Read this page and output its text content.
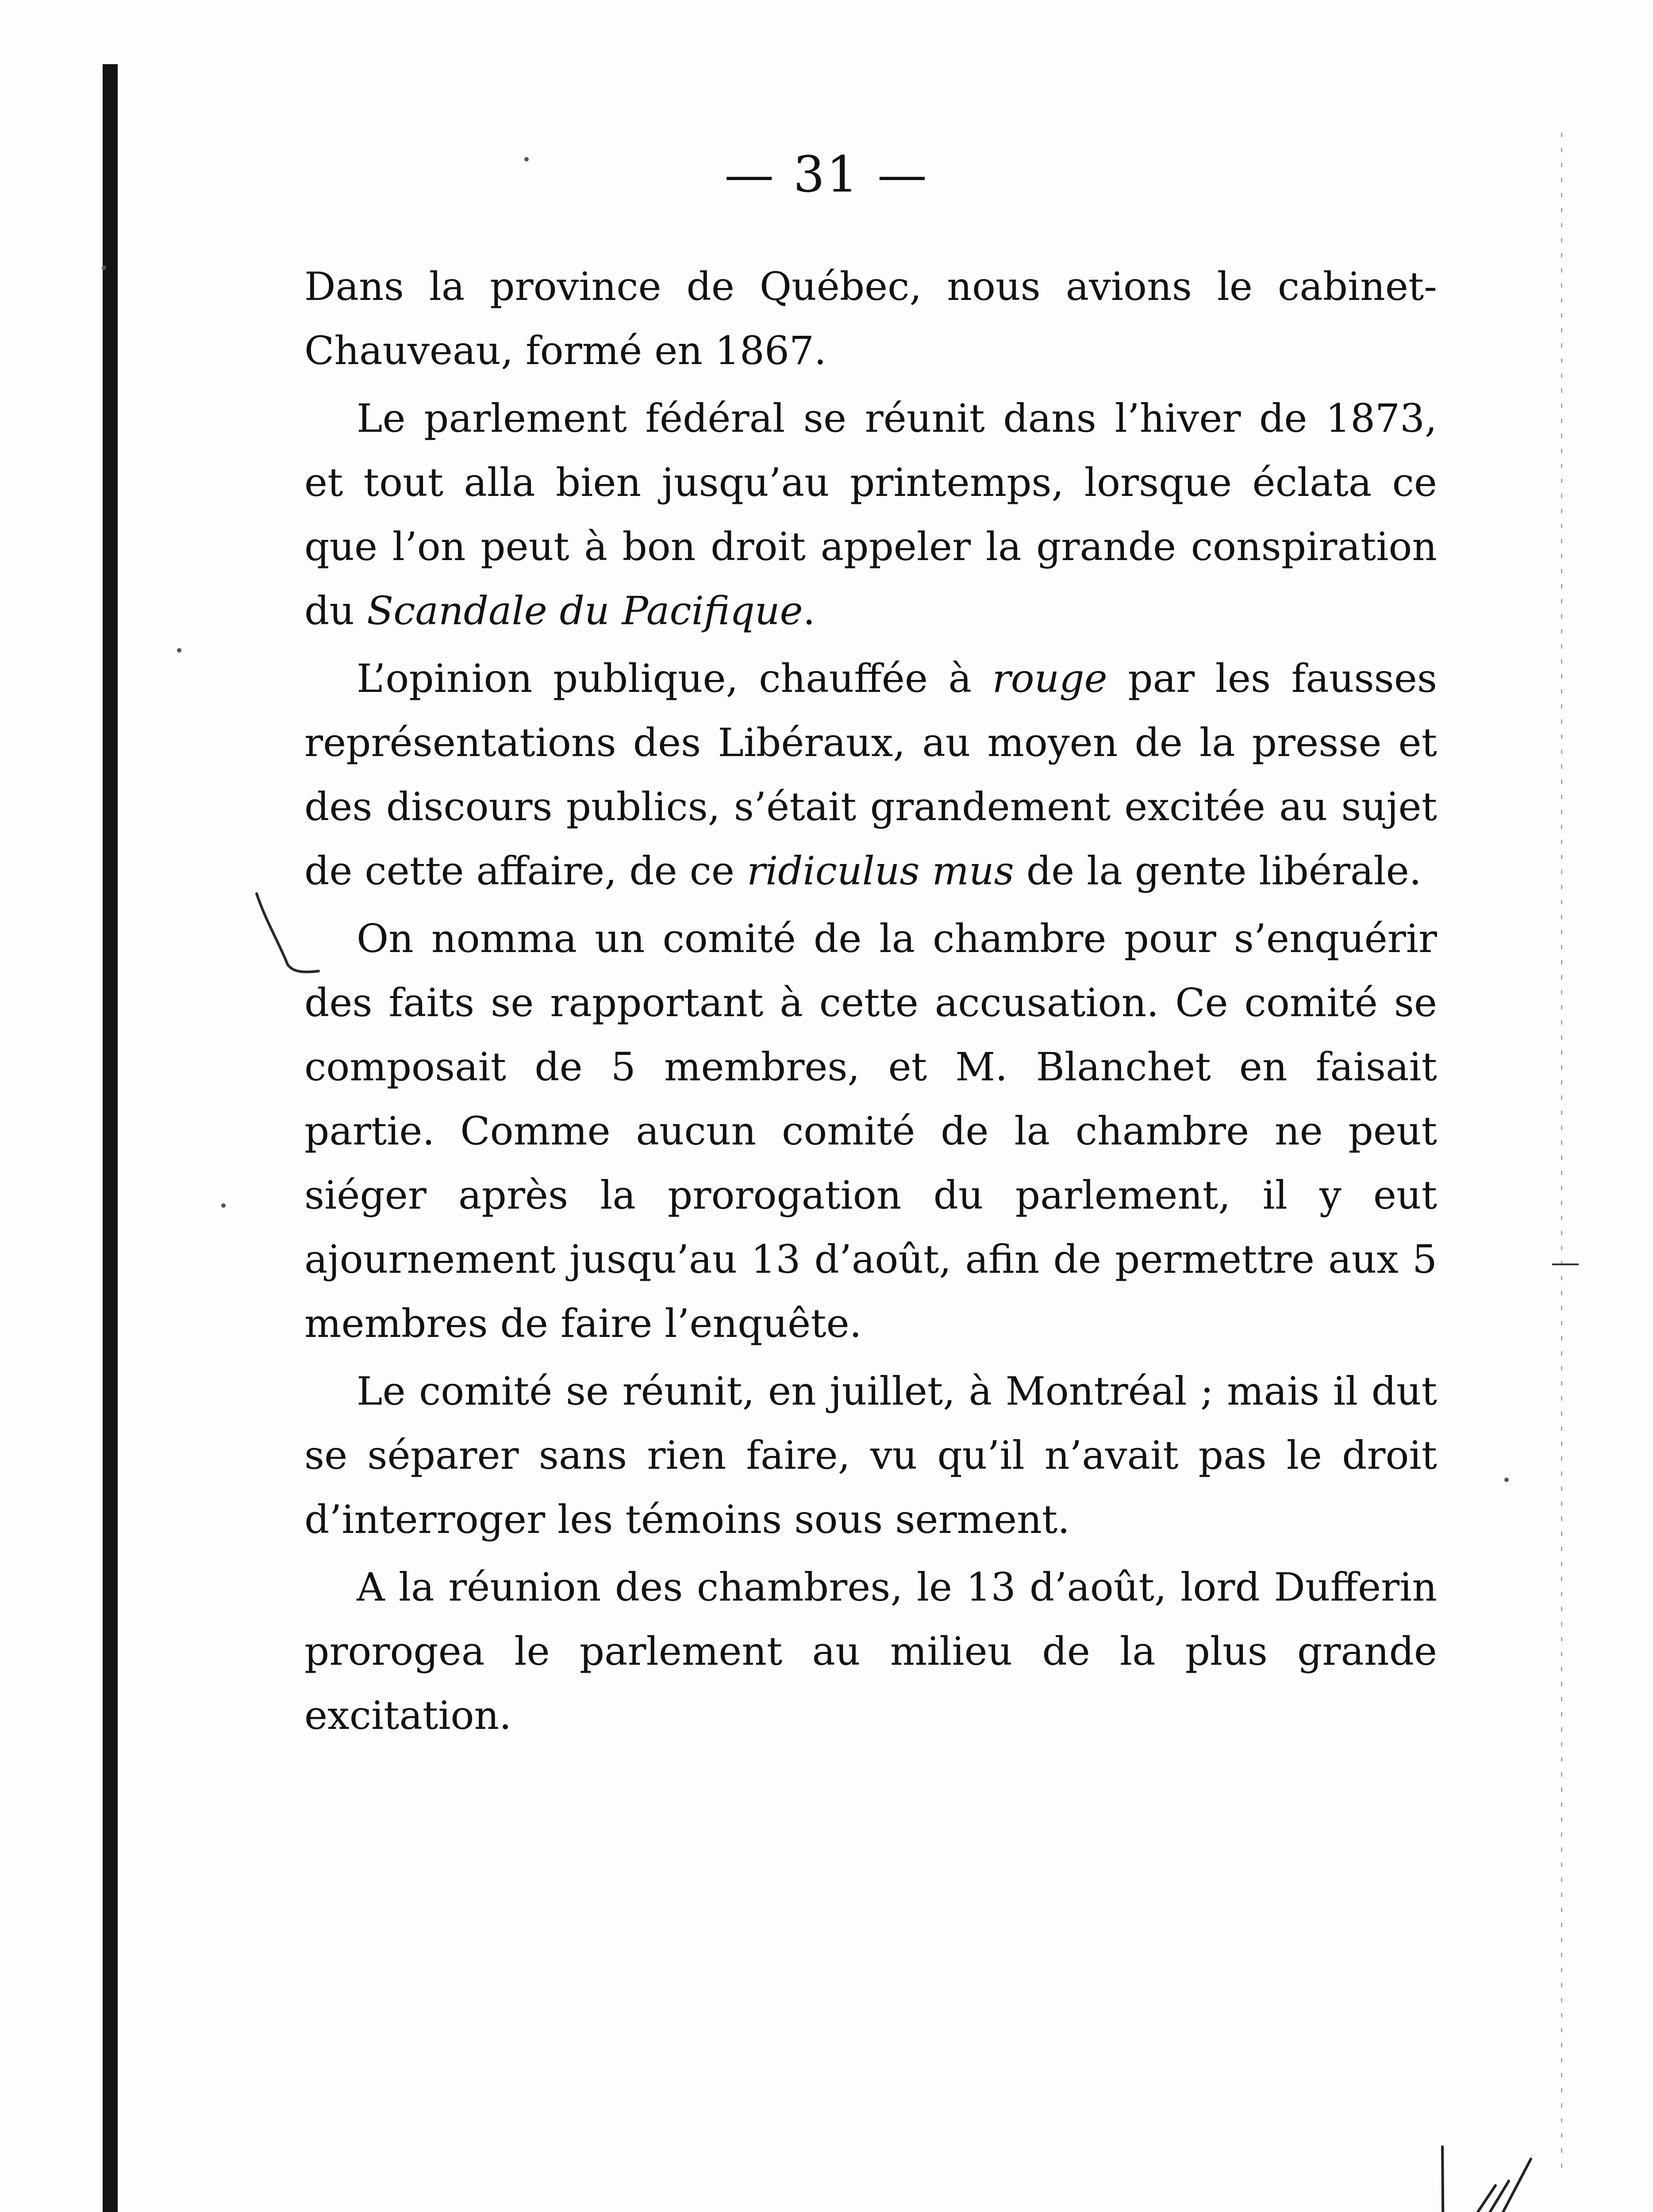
— 31 —

Dans la province de Québec, nous avions le cabinet-Chauveau, formé en 1867.

Le parlement fédéral se réunit dans l’hiver de 1873, et tout alla bien jusqu’au printemps, lorsque éclata ce que l’on peut à bon droit appeler la grande conspiration du Scandale du Pacifique.

L’opinion publique, chauffée à rouge par les fausses représentations des Libéraux, au moyen de la presse et des discours publics, s’était grandement excitée au sujet de cette affaire, de ce ridiculus mus de la gente libérale.

On nomma un comité de la chambre pour s’enquérir des faits se rapportant à cette accusation. Ce comité se composait de 5 membres, et M. Blanchet en faisait partie. Comme aucun comité de la chambre ne peut siéger après la prorogation du parlement, il y eut ajournement jusqu’au 13 d’août, afin de permettre aux 5 membres de faire l’enquête.

Le comité se réunit, en juillet, à Montréal ; mais il dut se séparer sans rien faire, vu qu’il n’avait pas le droit d’interroger les témoins sous serment.

A la réunion des chambres, le 13 d’août, lord Dufferin prorogea le parlement au milieu de la plus grande excitation.
